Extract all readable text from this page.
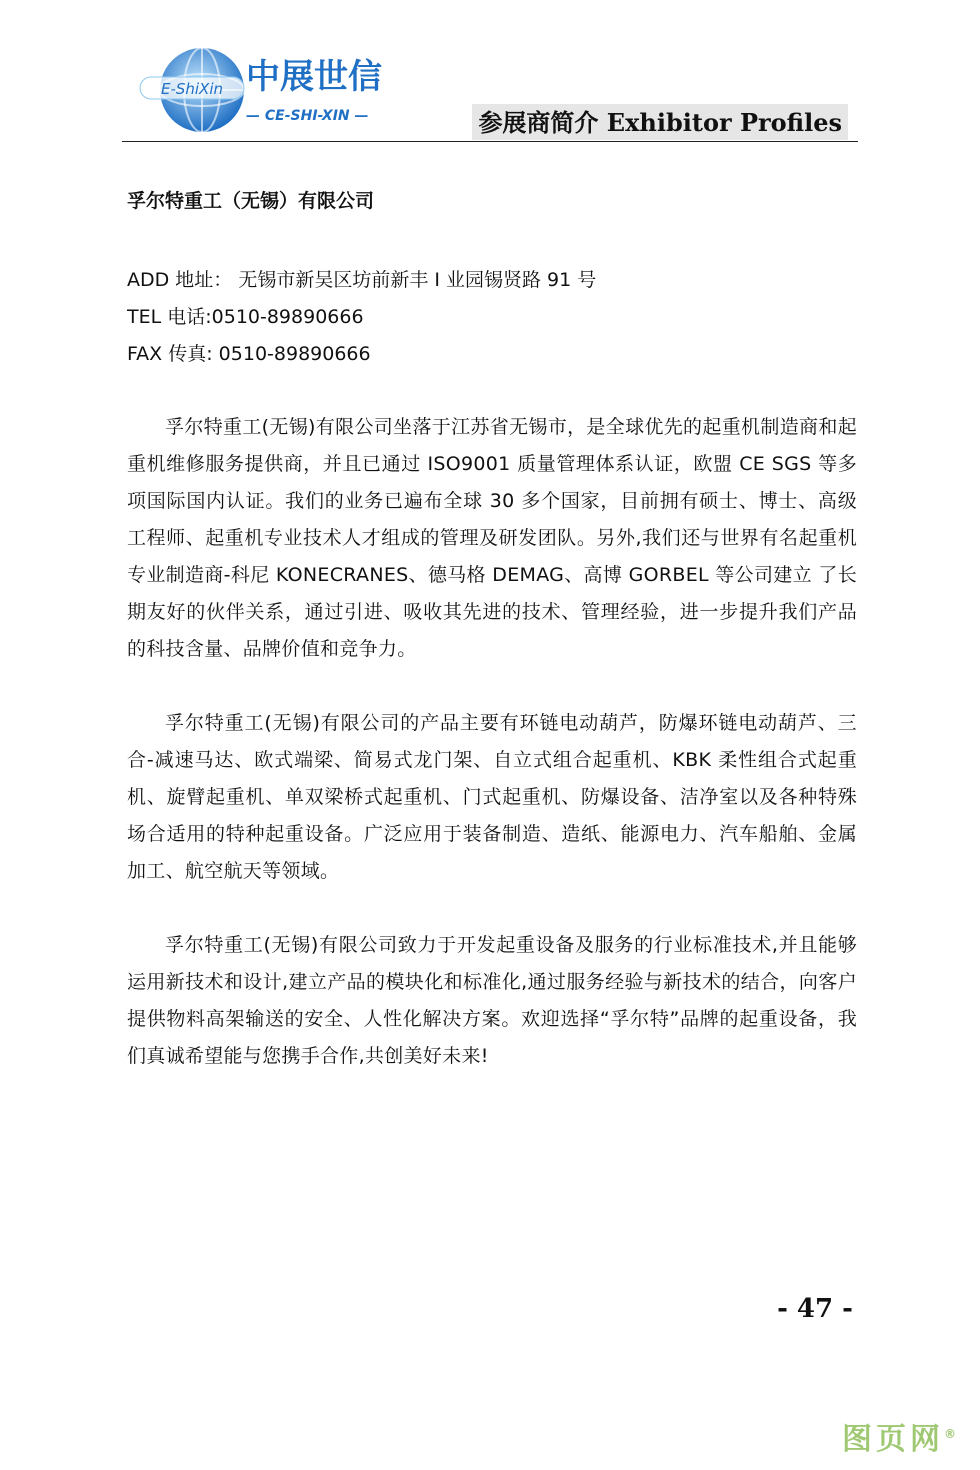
E-ShiXin 中展世信
— CE-SHI-XIN —	参展商简介 Exhibitor Profiles
孚尔特重工（无锡）有限公司

ADD 地址： 无锡市新吴区坊前新丰 I 业园锡贤路 91 号

TEL 电话:0510-89890666

FAX 传真: 0510-89890666

孚尔特重工(无锡)有限公司坐落于江苏省无锡市，是全球优先的起重机制造商和起重机维修服务提供商，并且已通过 ISO9001 质量管理体系认证，欧盟 CE SGS 等多项国际国内认证。我们的业务已遍布全球 30 多个国家，目前拥有硕士、博士、高级工程师、起重机专业技术人才组成的管理及研发团队。另外,我们还与世界有名起重机专业制造商-科尼 KONECRANES、德马格 DEMAG、高博 GORBEL 等公司建立 了长期友好的伙伴关系，通过引进、吸收其先进的技术、管理经验，进一步提升我们产品的科技含量、品牌价值和竞争力。

孚尔特重工(无锡)有限公司的产品主要有环链电动葫芦，防爆环链电动葫芦、三合-减速马达、欧式端梁、简易式龙门架、自立式组合起重机、KBK 柔性组合式起重机、旋臂起重机、单双梁桥式起重机、门式起重机、防爆设备、洁净室以及各种特殊场合适用的特种起重设备。广泛应用于装备制造、造纸、能源电力、汽车船舶、金属加工、航空航天等领域。

孚尔特重工(无锡)有限公司致力于开发起重设备及服务的行业标准技术,并且能够运用新技术和设计,建立产品的模块化和标准化,通过服务经验与新技术的结合，向客户提供物料高架输送的安全、人性化解决方案。欢迎选择“孚尔特”品牌的起重设备，我们真诚希望能与您携手合作,共创美好未来!

- 47 -
图页网®
